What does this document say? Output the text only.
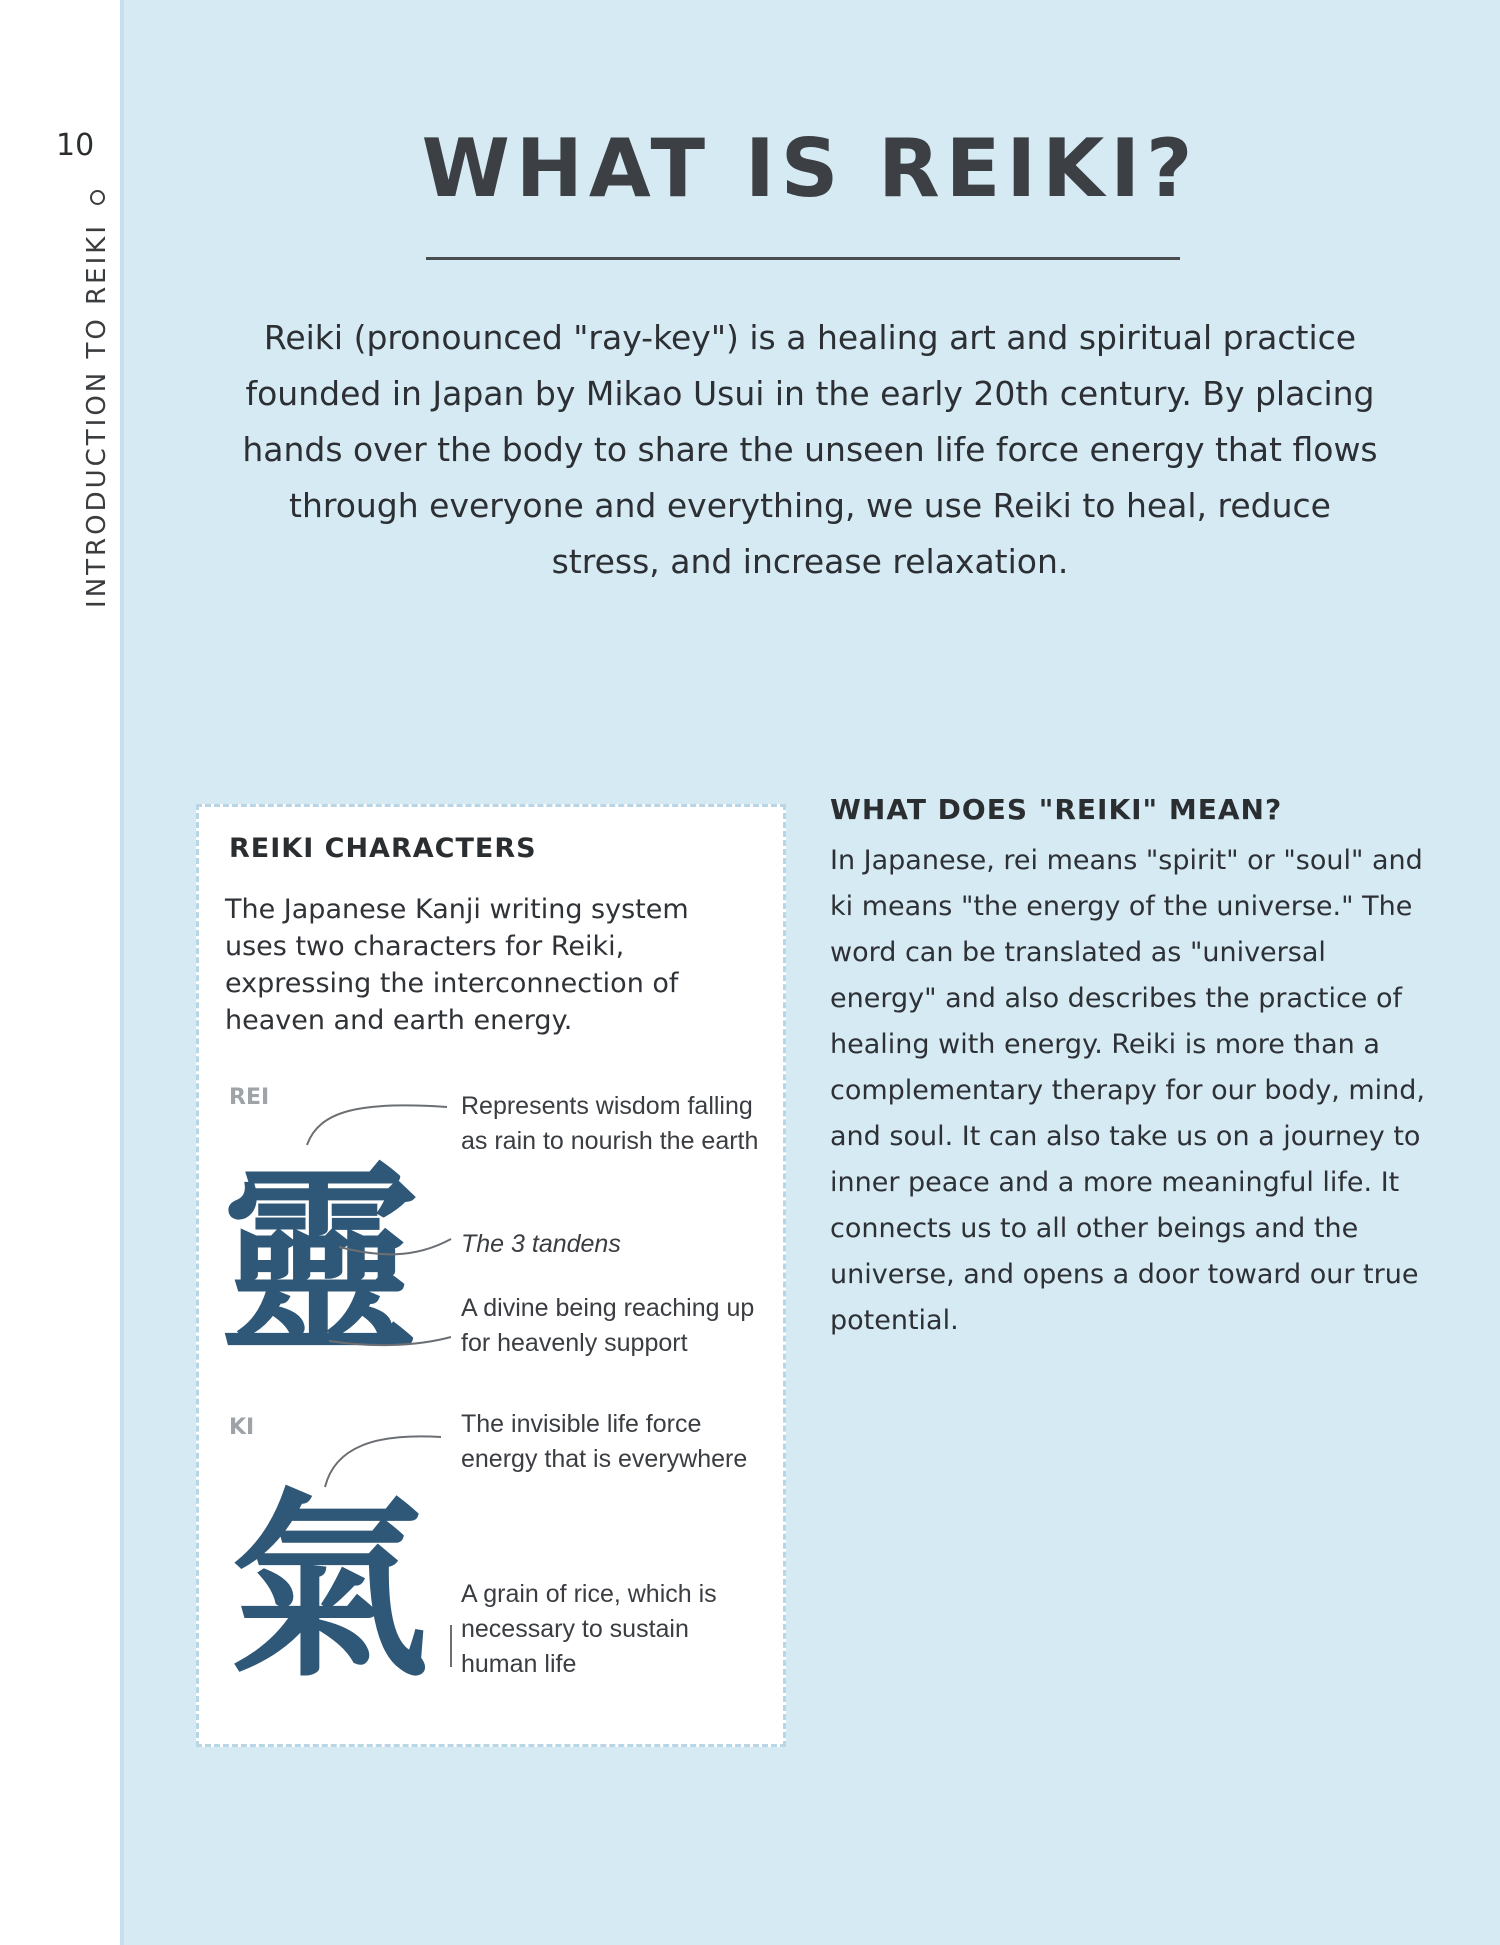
10
INTRODUCTION TO REIKI
WHAT IS REIKI?

Reiki (pronounced "ray-key") is a healing art and spiritual practice founded in Japan by Mikao Usui in the early 20th century. By placing hands over the body to share the unseen life force energy that flows through everyone and everything, we use Reiki to heal, reduce stress, and increase relaxation.

REIKI CHARACTERS
The Japanese Kanji writing system uses two characters for Reiki, expressing the interconnection of heaven and earth energy.
REI
KI
靈
氣
Represents wisdom falling as rain to nourish the earth
The 3 tandens
A divine being reaching up for heavenly support
The invisible life force energy that is everywhere
A grain of rice, which is necessary to sustain human life
WHAT DOES "REIKI" MEAN?

In Japanese, rei means "spirit" or "soul" and ki means "the energy of the universe." The word can be translated as "universal energy" and also describes the practice of healing with energy. Reiki is more than a complementary therapy for our body, mind, and soul. It can also take us on a journey to inner peace and a more meaningful life. It connects us to all other beings and the universe, and opens a door toward our true potential.
